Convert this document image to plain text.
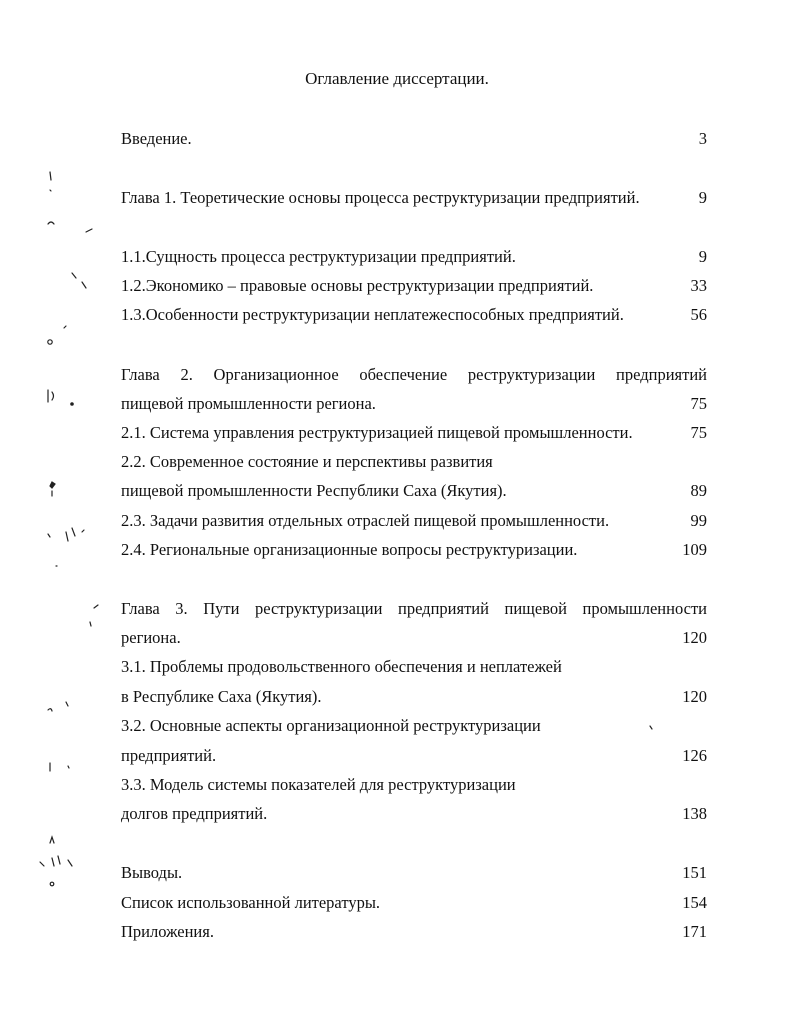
Оглавление диссертации.
Введение.	3
Глава 1. Теоретические основы процесса реструктуризации предприятий.	9
1.1.Сущность процесса реструктуризации предприятий.	9
1.2.Экономико – правовые основы реструктуризации предприятий.	33
1.3.Особенности реструктуризации неплатежеспособных предприятий.	56
Глава 2. Организационное обеспечение реструктуризации предприятий
пищевой промышленности региона.	75
2.1. Система управления реструктуризацией пищевой промышленности.	75
2.2. Современное состояние и перспективы развития
пищевой промышленности Республики Саха (Якутия).	89
2.3. Задачи развития отдельных отраслей пищевой промышленности.	99
2.4. Региональные организационные вопросы реструктуризации.	109
Глава 3. Пути реструктуризации предприятий пищевой промышленности
региона.	120
3.1. Проблемы продовольственного обеспечения и неплатежей
в Республике Саха (Якутия).	120
3.2. Основные аспекты организационной реструктуризации
предприятий.	126
3.3. Модель системы показателей для реструктуризации
долгов предприятий.	138
Выводы.	151
Список использованной литературы.	154
Приложения.	171
